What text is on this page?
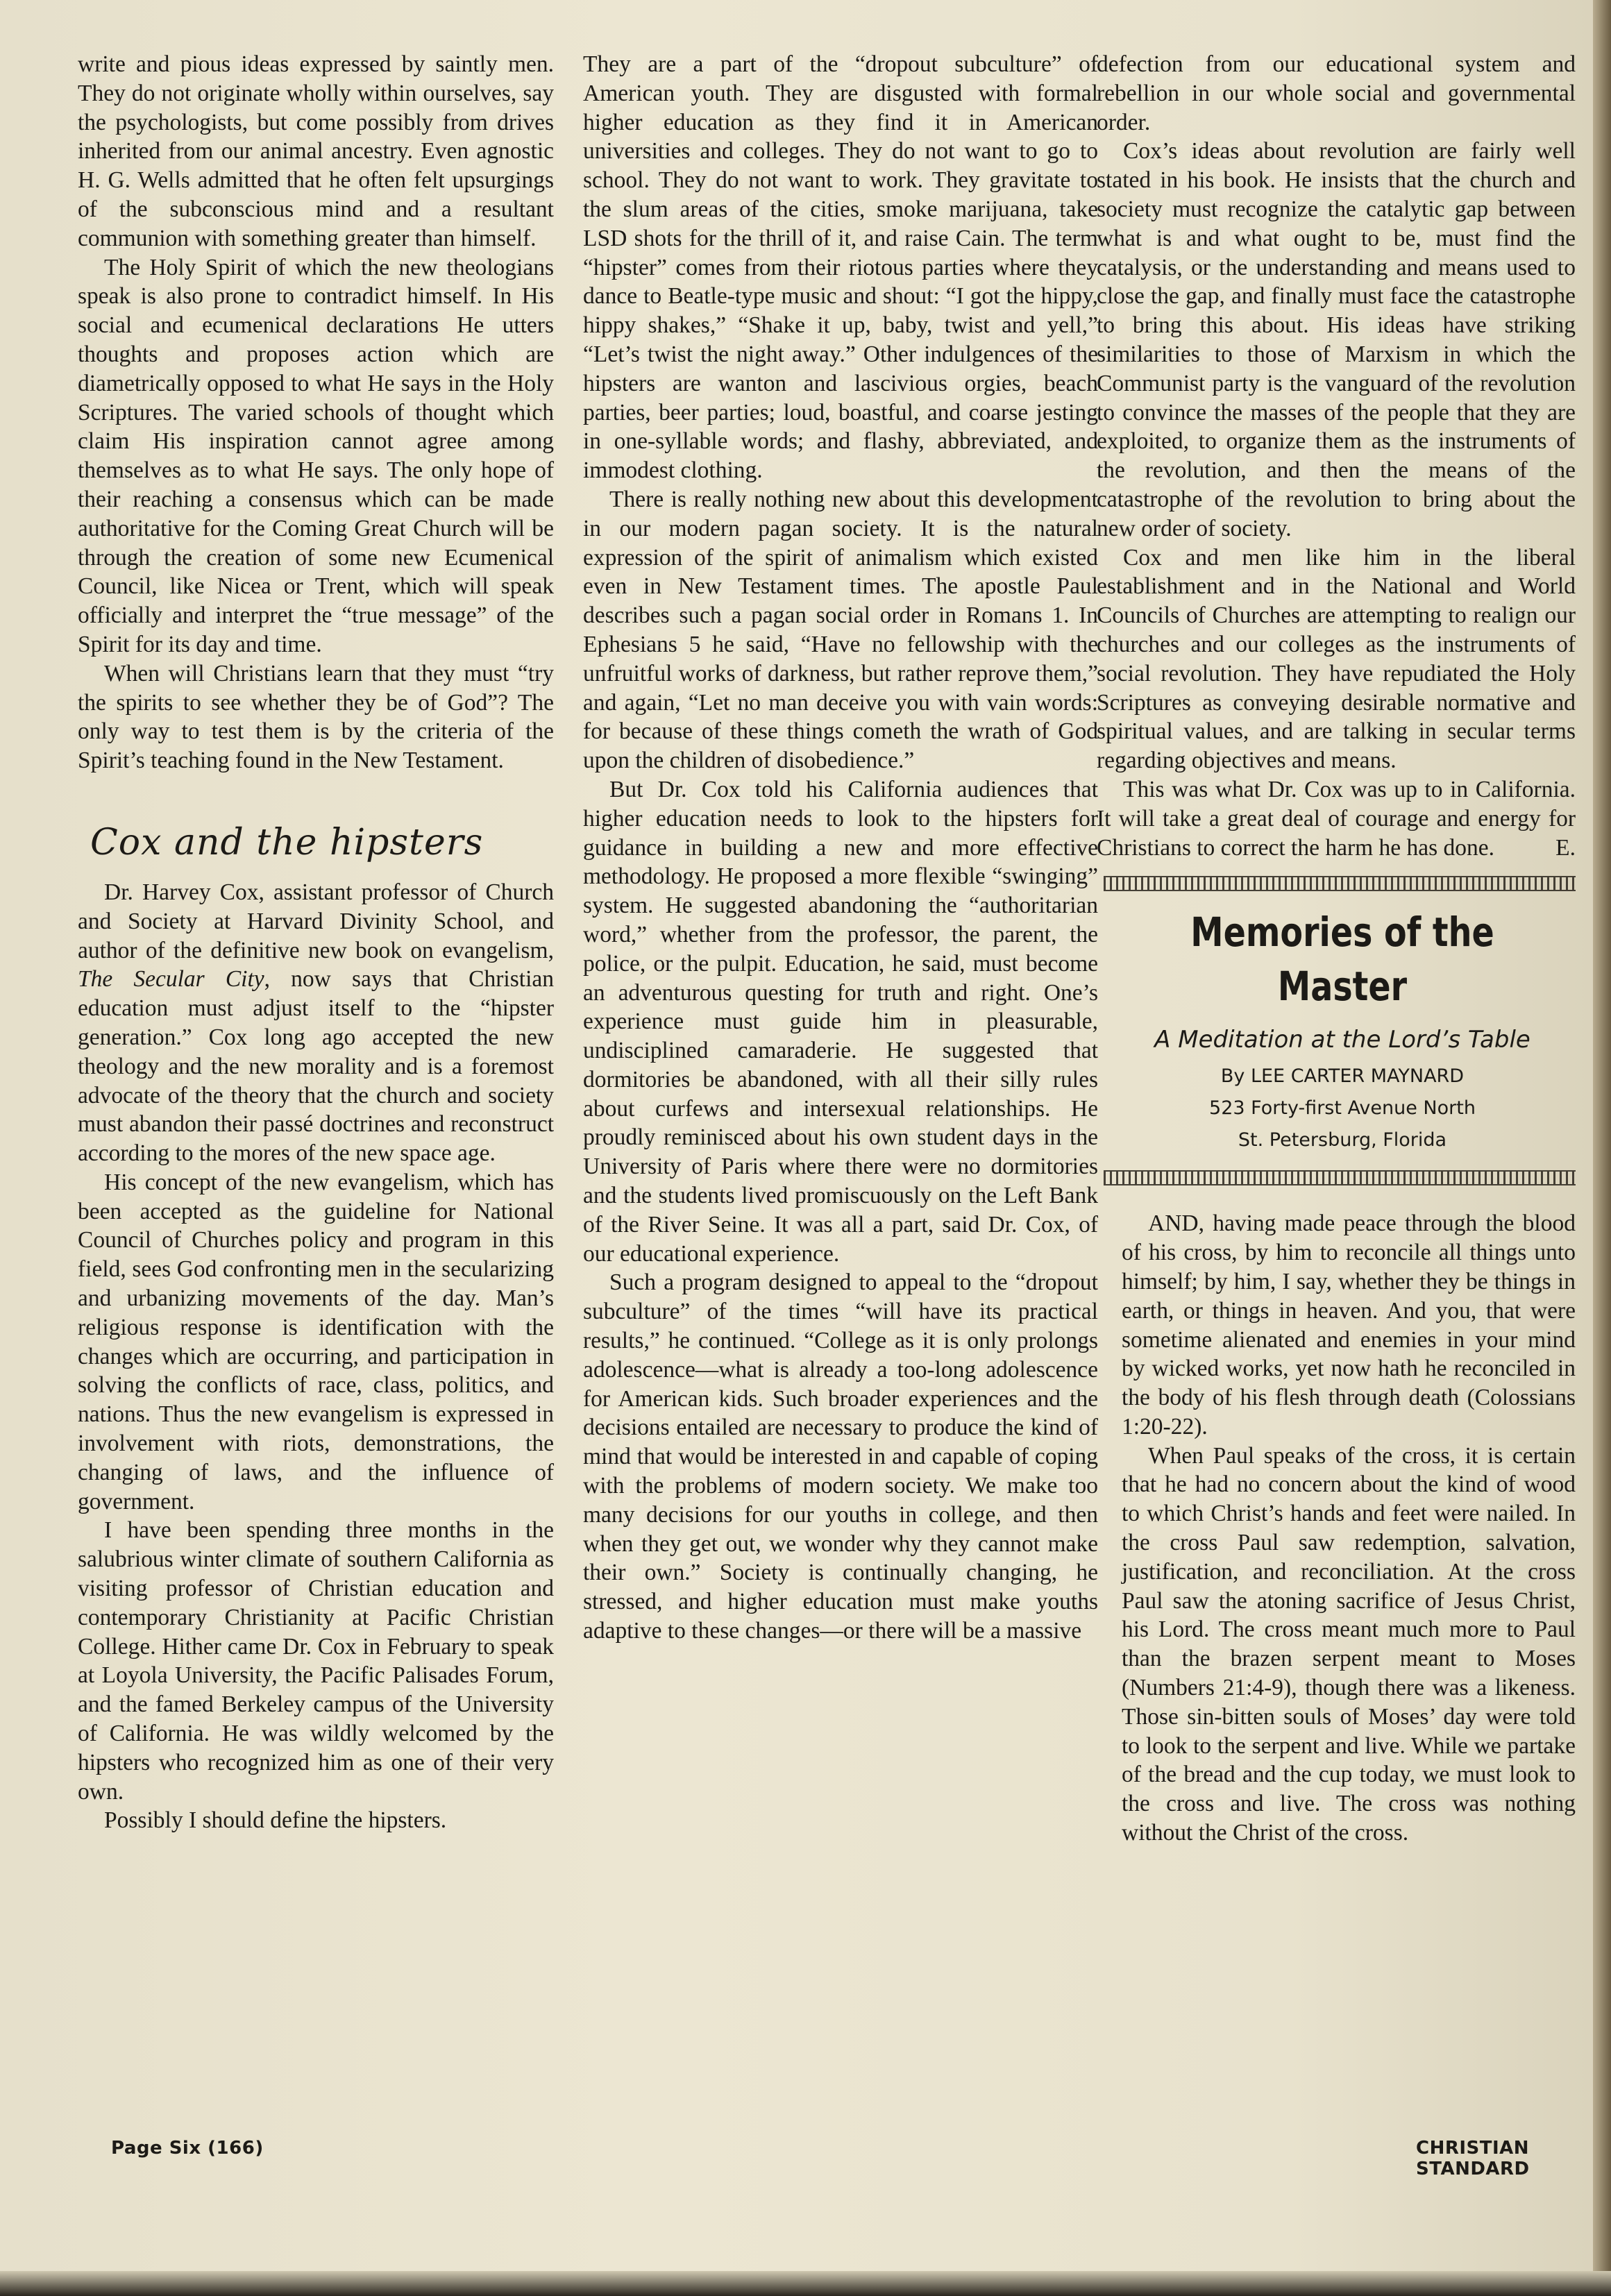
write and pious ideas expressed by saintly men. They do not originate wholly within ourselves, say the psychologists, but come possibly from drives inherited from our animal ancestry. Even agnostic H. G. Wells admitted that he often felt upsurgings of the subconscious mind and a resultant communion with something greater than himself.

The Holy Spirit of which the new theologians speak is also prone to contradict himself. In His social and ecumenical declarations He utters thoughts and proposes action which are diametrically opposed to what He says in the Holy Scriptures. The varied schools of thought which claim His inspiration cannot agree among themselves as to what He says. The only hope of their reaching a consensus which can be made authoritative for the Coming Great Church will be through the creation of some new Ecumenical Council, like Nicea or Trent, which will speak officially and interpret the “true message” of the Spirit for its day and time.

When will Christians learn that they must “try the spirits to see whether they be of God”? The only way to test them is by the criteria of the Spirit’s teaching found in the New Testament.

Cox and the hipsters

Dr. Harvey Cox, assistant professor of Church and Society at Harvard Divinity School, and author of the definitive new book on evangelism, The Secular City, now says that Christian education must adjust itself to the “hipster generation.” Cox long ago accepted the new theology and the new morality and is a foremost advocate of the theory that the church and society must abandon their passé doctrines and reconstruct according to the mores of the new space age.

His concept of the new evangelism, which has been accepted as the guideline for National Council of Churches policy and program in this field, sees God confronting men in the secularizing and urbanizing movements of the day. Man’s religious response is identification with the changes which are occurring, and participation in solving the conflicts of race, class, politics, and nations. Thus the new evangelism is expressed in involvement with riots, demonstrations, the changing of laws, and the influence of government.

I have been spending three months in the salubrious winter climate of southern California as visiting professor of Christian education and contemporary Christianity at Pacific Christian College. Hither came Dr. Cox in February to speak at Loyola University, the Pacific Palisades Forum, and the famed Berkeley campus of the University of California. He was wildly welcomed by the hipsters who recognized him as one of their very own.

Possibly I should define the hipsters.

They are a part of the “dropout subculture” of American youth. They are disgusted with formal higher education as they find it in American universities and colleges. They do not want to go to school. They do not want to work. They gravitate to the slum areas of the cities, smoke marijuana, take LSD shots for the thrill of it, and raise Cain. The term “hipster” comes from their riotous parties where they dance to Beatle-type music and shout: “I got the hippy, hippy shakes,” “Shake it up, baby, twist and yell,” “Let’s twist the night away.” Other indulgences of the hipsters are wanton and lascivious orgies, beach parties, beer parties; loud, boastful, and coarse jesting in one-syllable words; and flashy, abbreviated, and immodest clothing.

There is really nothing new about this development in our modern pagan society. It is the natural expression of the spirit of animalism which existed even in New Testament times. The apostle Paul describes such a pagan social order in Romans 1. In Ephesians 5 he said, “Have no fellowship with the unfruitful works of darkness, but rather reprove them,” and again, “Let no man deceive you with vain words: for because of these things cometh the wrath of God upon the children of disobedience.”

But Dr. Cox told his California audiences that higher education needs to look to the hipsters for guidance in building a new and more effective methodology. He proposed a more flexible “swinging” system. He suggested abandoning the “authoritarian word,” whether from the professor, the parent, the police, or the pulpit. Education, he said, must become an adventurous questing for truth and right. One’s experience must guide him in pleasurable, undisciplined camaraderie. He suggested that dormitories be abandoned, with all their silly rules about curfews and intersexual relationships. He proudly reminisced about his own student days in the University of Paris where there were no dormitories and the students lived promiscuously on the Left Bank of the River Seine. It was all a part, said Dr. Cox, of our educational experience.

Such a program designed to appeal to the “dropout subculture” of the times “will have its practical results,” he continued. “College as it is only prolongs adolescence—what is already a too-long adolescence for American kids. Such broader experiences and the decisions entailed are necessary to produce the kind of mind that would be interested in and capable of coping with the problems of modern society. We make too many decisions for our youths in college, and then when they get out, we wonder why they cannot make their own.” Society is continually changing, he stressed, and higher education must make youths adaptive to these changes—or there will be a massive

defection from our educational system and rebellion in our whole social and governmental order.

Cox’s ideas about revolution are fairly well stated in his book. He insists that the church and society must recognize the catalytic gap between what is and what ought to be, must find the catalysis, or the understanding and means used to close the gap, and finally must face the catastrophe to bring this about. His ideas have striking similarities to those of Marxism in which the Communist party is the vanguard of the revolution to convince the masses of the people that they are exploited, to organize them as the instruments of the revolution, and then the means of the catastrophe of the revolution to bring about the new order of society.

Cox and men like him in the liberal establishment and in the National and World Councils of Churches are attempting to realign our churches and our colleges as the instruments of social revolution. They have repudiated the Holy Scriptures as conveying desirable normative and spiritual values, and are talking in secular terms regarding objectives and means.

This was what Dr. Cox was up to in California. It will take a great deal of courage and energy for Christians to correct the harm he has done.	E.

Memories of the Master
A Meditation at the Lord’s Table
By LEE CARTER MAYNARD
523 Forty-first Avenue North
St. Petersburg, Florida

AND, having made peace through the blood of his cross, by him to reconcile all things unto himself; by him, I say, whether they be things in earth, or things in heaven. And you, that were sometime alienated and enemies in your mind by wicked works, yet now hath he reconciled in the body of his flesh through death (Colossians 1:20-22).

When Paul speaks of the cross, it is certain that he had no concern about the kind of wood to which Christ’s hands and feet were nailed. In the cross Paul saw redemption, salvation, justification, and reconciliation. At the cross Paul saw the atoning sacrifice of Jesus Christ, his Lord. The cross meant much more to Paul than the brazen serpent meant to Moses (Numbers 21:4-9), though there was a likeness. Those sin-bitten souls of Moses’ day were told to look to the serpent and live. While we partake of the bread and the cup today, we must look to the cross and live. The cross was nothing without the Christ of the cross.

Page Six (166)	CHRISTIAN STANDARD
